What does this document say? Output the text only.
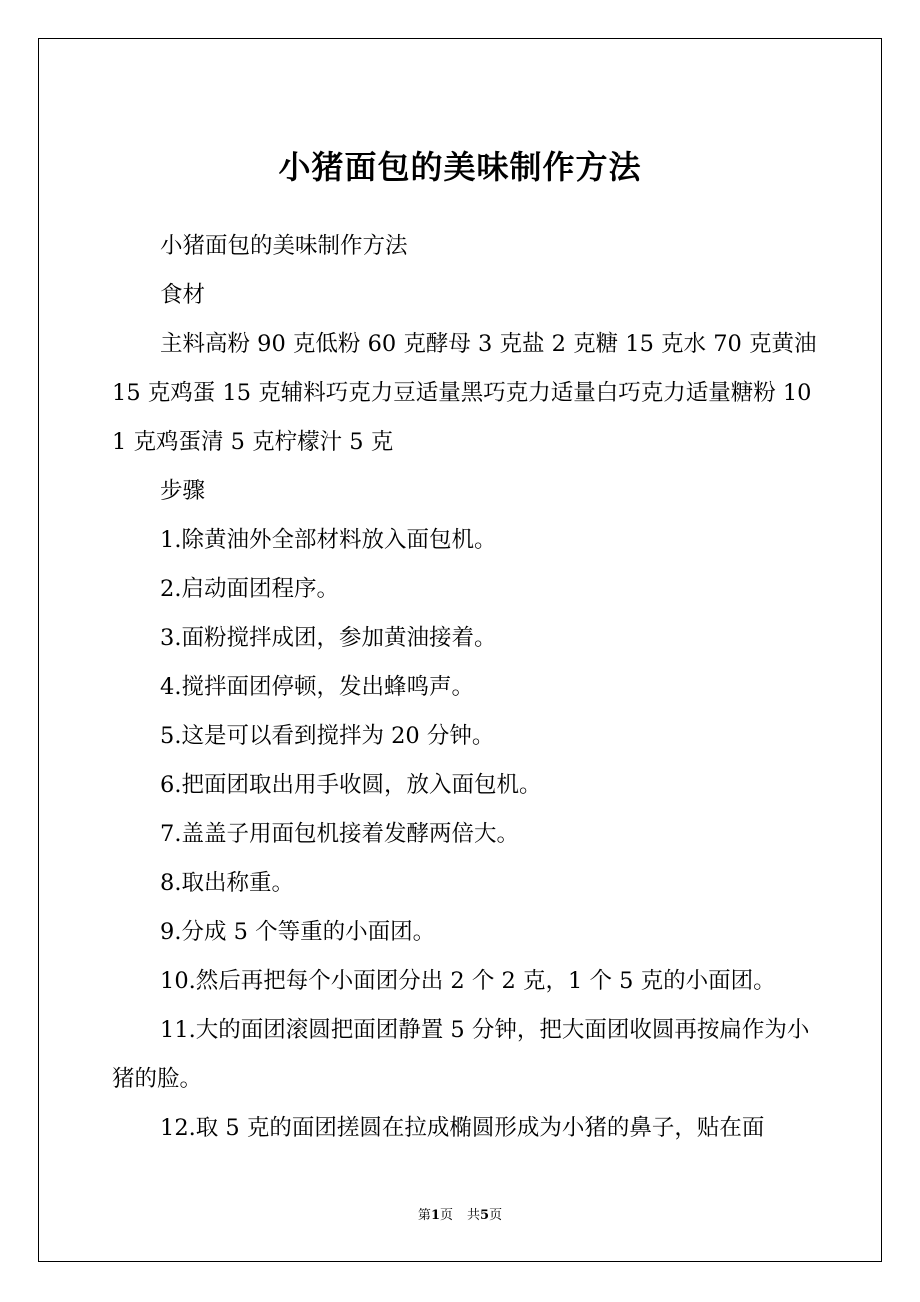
小猪面包的美味制作方法

小猪面包的美味制作方法

食材

主料高粉 90 克低粉 60 克酵母 3 克盐 2 克糖 15 克水 70 克黄油 15 克鸡蛋 15 克辅料巧克力豆适量黑巧克力适量白巧克力适量糖粉 101 克鸡蛋清 5 克柠檬汁 5 克

步骤

1.除黄油外全部材料放入面包机。

2.启动面团程序。

3.面粉搅拌成团，参加黄油接着。

4.搅拌面团停顿，发出蜂鸣声。

5.这是可以看到搅拌为 20 分钟。

6.把面团取出用手收圆，放入面包机。

7.盖盖子用面包机接着发酵两倍大。

8.取出称重。

9.分成 5 个等重的小面团。

10.然后再把每个小面团分出 2 个 2 克，1 个 5 克的小面团。

11.大的面团滚圆把面团静置 5 分钟，把大面团收圆再按扁作为小猪的脸。

12.取 5 克的面团搓圆在拉成椭圆形成为小猪的鼻子，贴在面

第1页 共5页
